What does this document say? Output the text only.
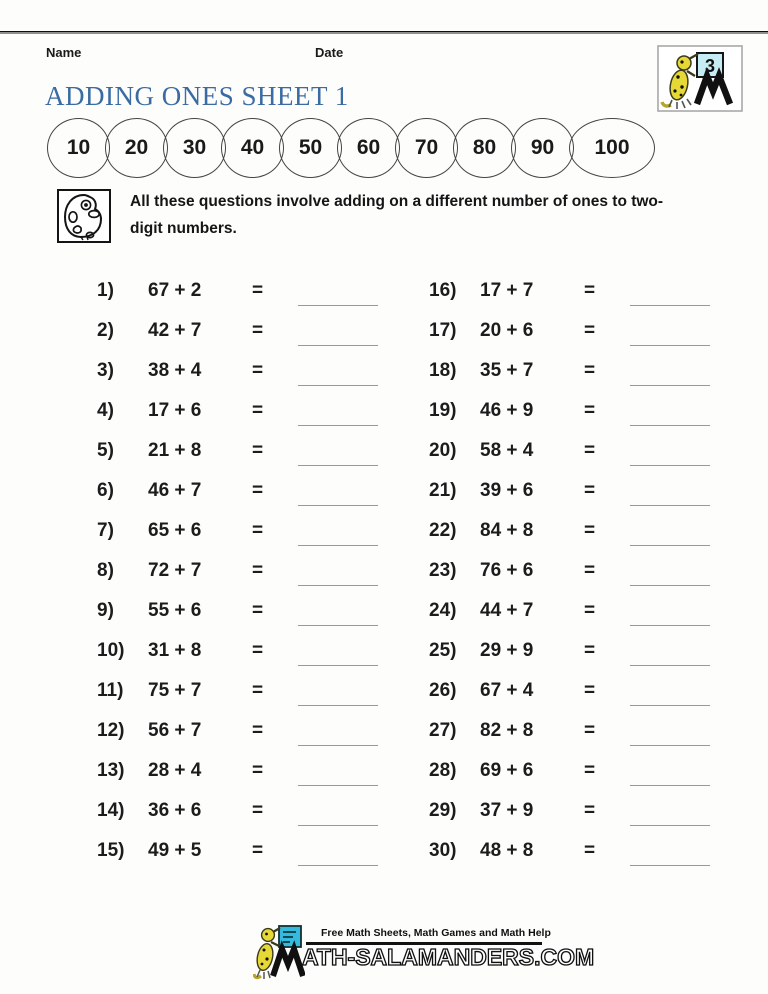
Name	Date
3
ADDING ONES SHEET 1
10 20 30 40 50 60 70 80 90 100
All these questions involve adding on a different number of ones to two-digit numbers.
1)	67 + 2	=
2)	42 + 7	=
3)	38 + 4	=
4)	17 + 6	=
5)	21 + 8	=
6)	46 + 7	=
7)	65 + 6	=
8)	72 + 7	=
9)	55 + 6	=
10)	31 + 8	=
11)	75 + 7	=
12)	56 + 7	=
13)	28 + 4	=
14)	36 + 6	=
15)	49 + 5	=
16)	17 + 7	=
17)	20 + 6	=
18)	35 + 7	=
19)	46 + 9	=
20)	58 + 4	=
21)	39 + 6	=
22)	84 + 8	=
23)	76 + 6	=
24)	44 + 7	=
25)	29 + 9	=
26)	67 + 4	=
27)	82 + 8	=
28)	69 + 6	=
29)	37 + 9	=
30)	48 + 8	=
Free Math Sheets, Math Games and Math Help
ATH-SALAMANDERS.COM
